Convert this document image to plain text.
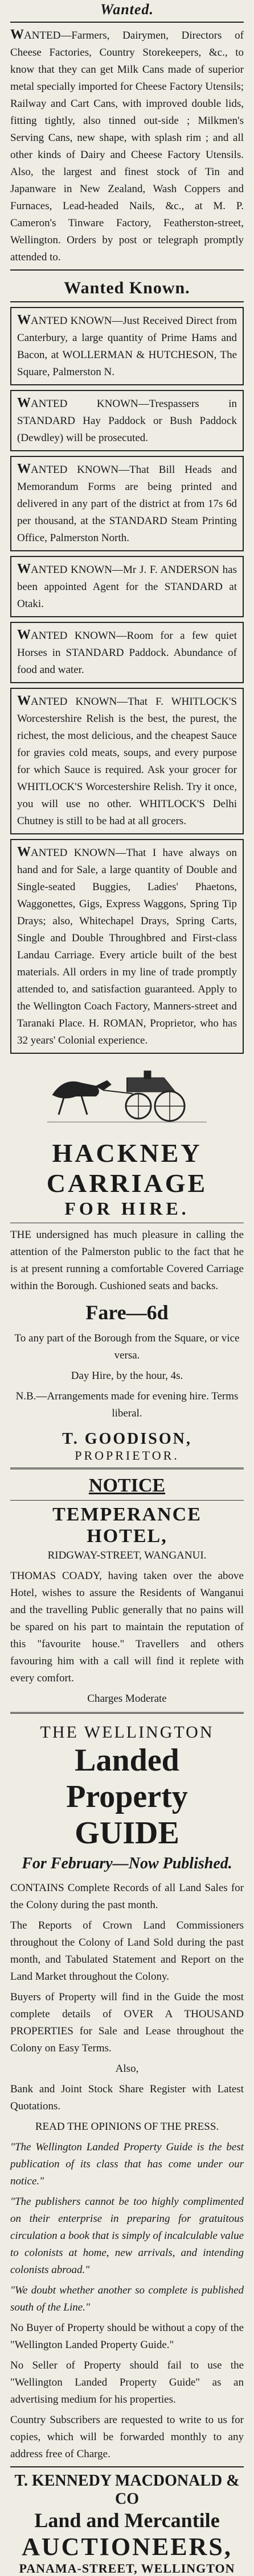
Wanted.
WANTED—Farmers, Dairymen, Directors of Cheese Factories, Country Storekeepers, &c., to know that they can get Milk Cans made of superior metal specially imported for Cheese Factory Utensils; Railway and Cart Cans, with improved double lids, fitting tightly, also tinned out-side ; Milkmen's Serving Cans, new shape, with splash rim ; and all other kinds of Dairy and Cheese Factory Utensils. Also, the largest and finest stock of Tin and Japanware in New Zealand, Wash Coppers and Furnaces, Lead-headed Nails, &c., at M. P. Cameron's Tinware Factory, Featherston-street, Wellington. Orders by post or telegraph promptly attended to.
Wanted Known.
WANTED KNOWN—Just Received Direct from Canterbury, a large quantity of Prime Hams and Bacon, at WOLLERMAN & HUTCHESON, The Square, Palmerston N.
WANTED KNOWN—Trespassers in STANDARD Hay Paddock or Bush Paddock (Dewdley) will be prosecuted.
WANTED KNOWN—That Bill Heads and Memorandum Forms are being printed and delivered in any part of the district at from 17s 6d per thousand, at the STANDARD Steam Printing Office, Palmerston North.
WANTED KNOWN—Mr J. F. ANDERSON has been appointed Agent for the STANDARD at Otaki.
WANTED KNOWN—Room for a few quiet Horses in STANDARD Paddock. Abundance of food and water.
WANTED KNOWN—That F. WHITLOCK'S Worcestershire Relish is the best, the purest, the richest, the most delicious, and the cheapest Sauce for gravies cold meats, soups, and every purpose for which Sauce is required. Ask your grocer for WHITLOCK'S Worcestershire Relish. Try it once, you will use no other. WHITLOCK'S Delhi Chutney is still to be had at all grocers.
WANTED KNOWN—That I have always on hand and for Sale, a large quantity of Double and Single-seated Buggies, Ladies' Phaetons, Waggonettes, Gigs, Express Waggons, Spring Tip Drays; also, Whitechapel Drays, Spring Carts, Single and Double Throughbred and First-class Landau Carriage. Every article built of the best materials. All orders in my line of trade promptly attended to, and satisfaction guaranteed. Apply to the Wellington Coach Factory, Manners-street and Taranaki Place. H. ROMAN, Proprietor, who has 32 years' Colonial experience.
HACKNEY CARRIAGE
FOR HIRE.
THE undersigned has much pleasure in calling the attention of the Palmerston public to the fact that he is at present running a comfortable Covered Carriage within the Borough. Cushioned seats and backs.
Fare—6d
To any part of the Borough from the Square, or vice versa.
Day Hire, by the hour, 4s.
N.B.—Arrangements made for evening hire. Terms liberal.
T. GOODISON,
PROPRIETOR.
NOTICE
TEMPERANCE HOTEL,
RIDGWAY-STREET, WANGANUI.
THOMAS COADY, having taken over the above Hotel, wishes to assure the Residents of Wanganui and the travelling Public generally that no pains will be spared on his part to maintain the reputation of this "favourite house." Travellers and others favouring him with a call will find it replete with every comfort.
Charges Moderate
THE WELLINGTON
Landed Property
GUIDE
For February—Now Published.
CONTAINS Complete Records of all Land Sales for the Colony during the past month.
The Reports of Crown Land Commissioners throughout the Colony of Land Sold during the past month, and Tabulated Statement and Report on the Land Market throughout the Colony.
Buyers of Property will find in the Guide the most complete details of OVER A THOUSAND PROPERTIES for Sale and Lease throughout the Colony on Easy Terms.
Also,
Bank and Joint Stock Share Register with Latest Quotations.
READ THE OPINIONS OF THE PRESS.
"The Wellington Landed Property Guide is the best publication of its class that has come under our notice."
"The publishers cannot be too highly complimented on their enterprise in preparing for gratuitous circulation a book that is simply of incalculable value to colonists at home, new arrivals, and intending colonists abroad."
"We doubt whether another so complete is published south of the Line."
No Buyer of Property should be without a copy of the "Wellington Landed Property Guide."
No Seller of Property should fail to use the "Wellington Landed Property Guide" as an advertising medium for his properties.
Country Subscribers are requested to write to us for copies, which will be forwarded monthly to any address free of Charge.
T. KENNEDY MACDONALD & CO
Land and Mercantile
AUCTIONEERS,
PANAMA-STREET, WELLINGTON
